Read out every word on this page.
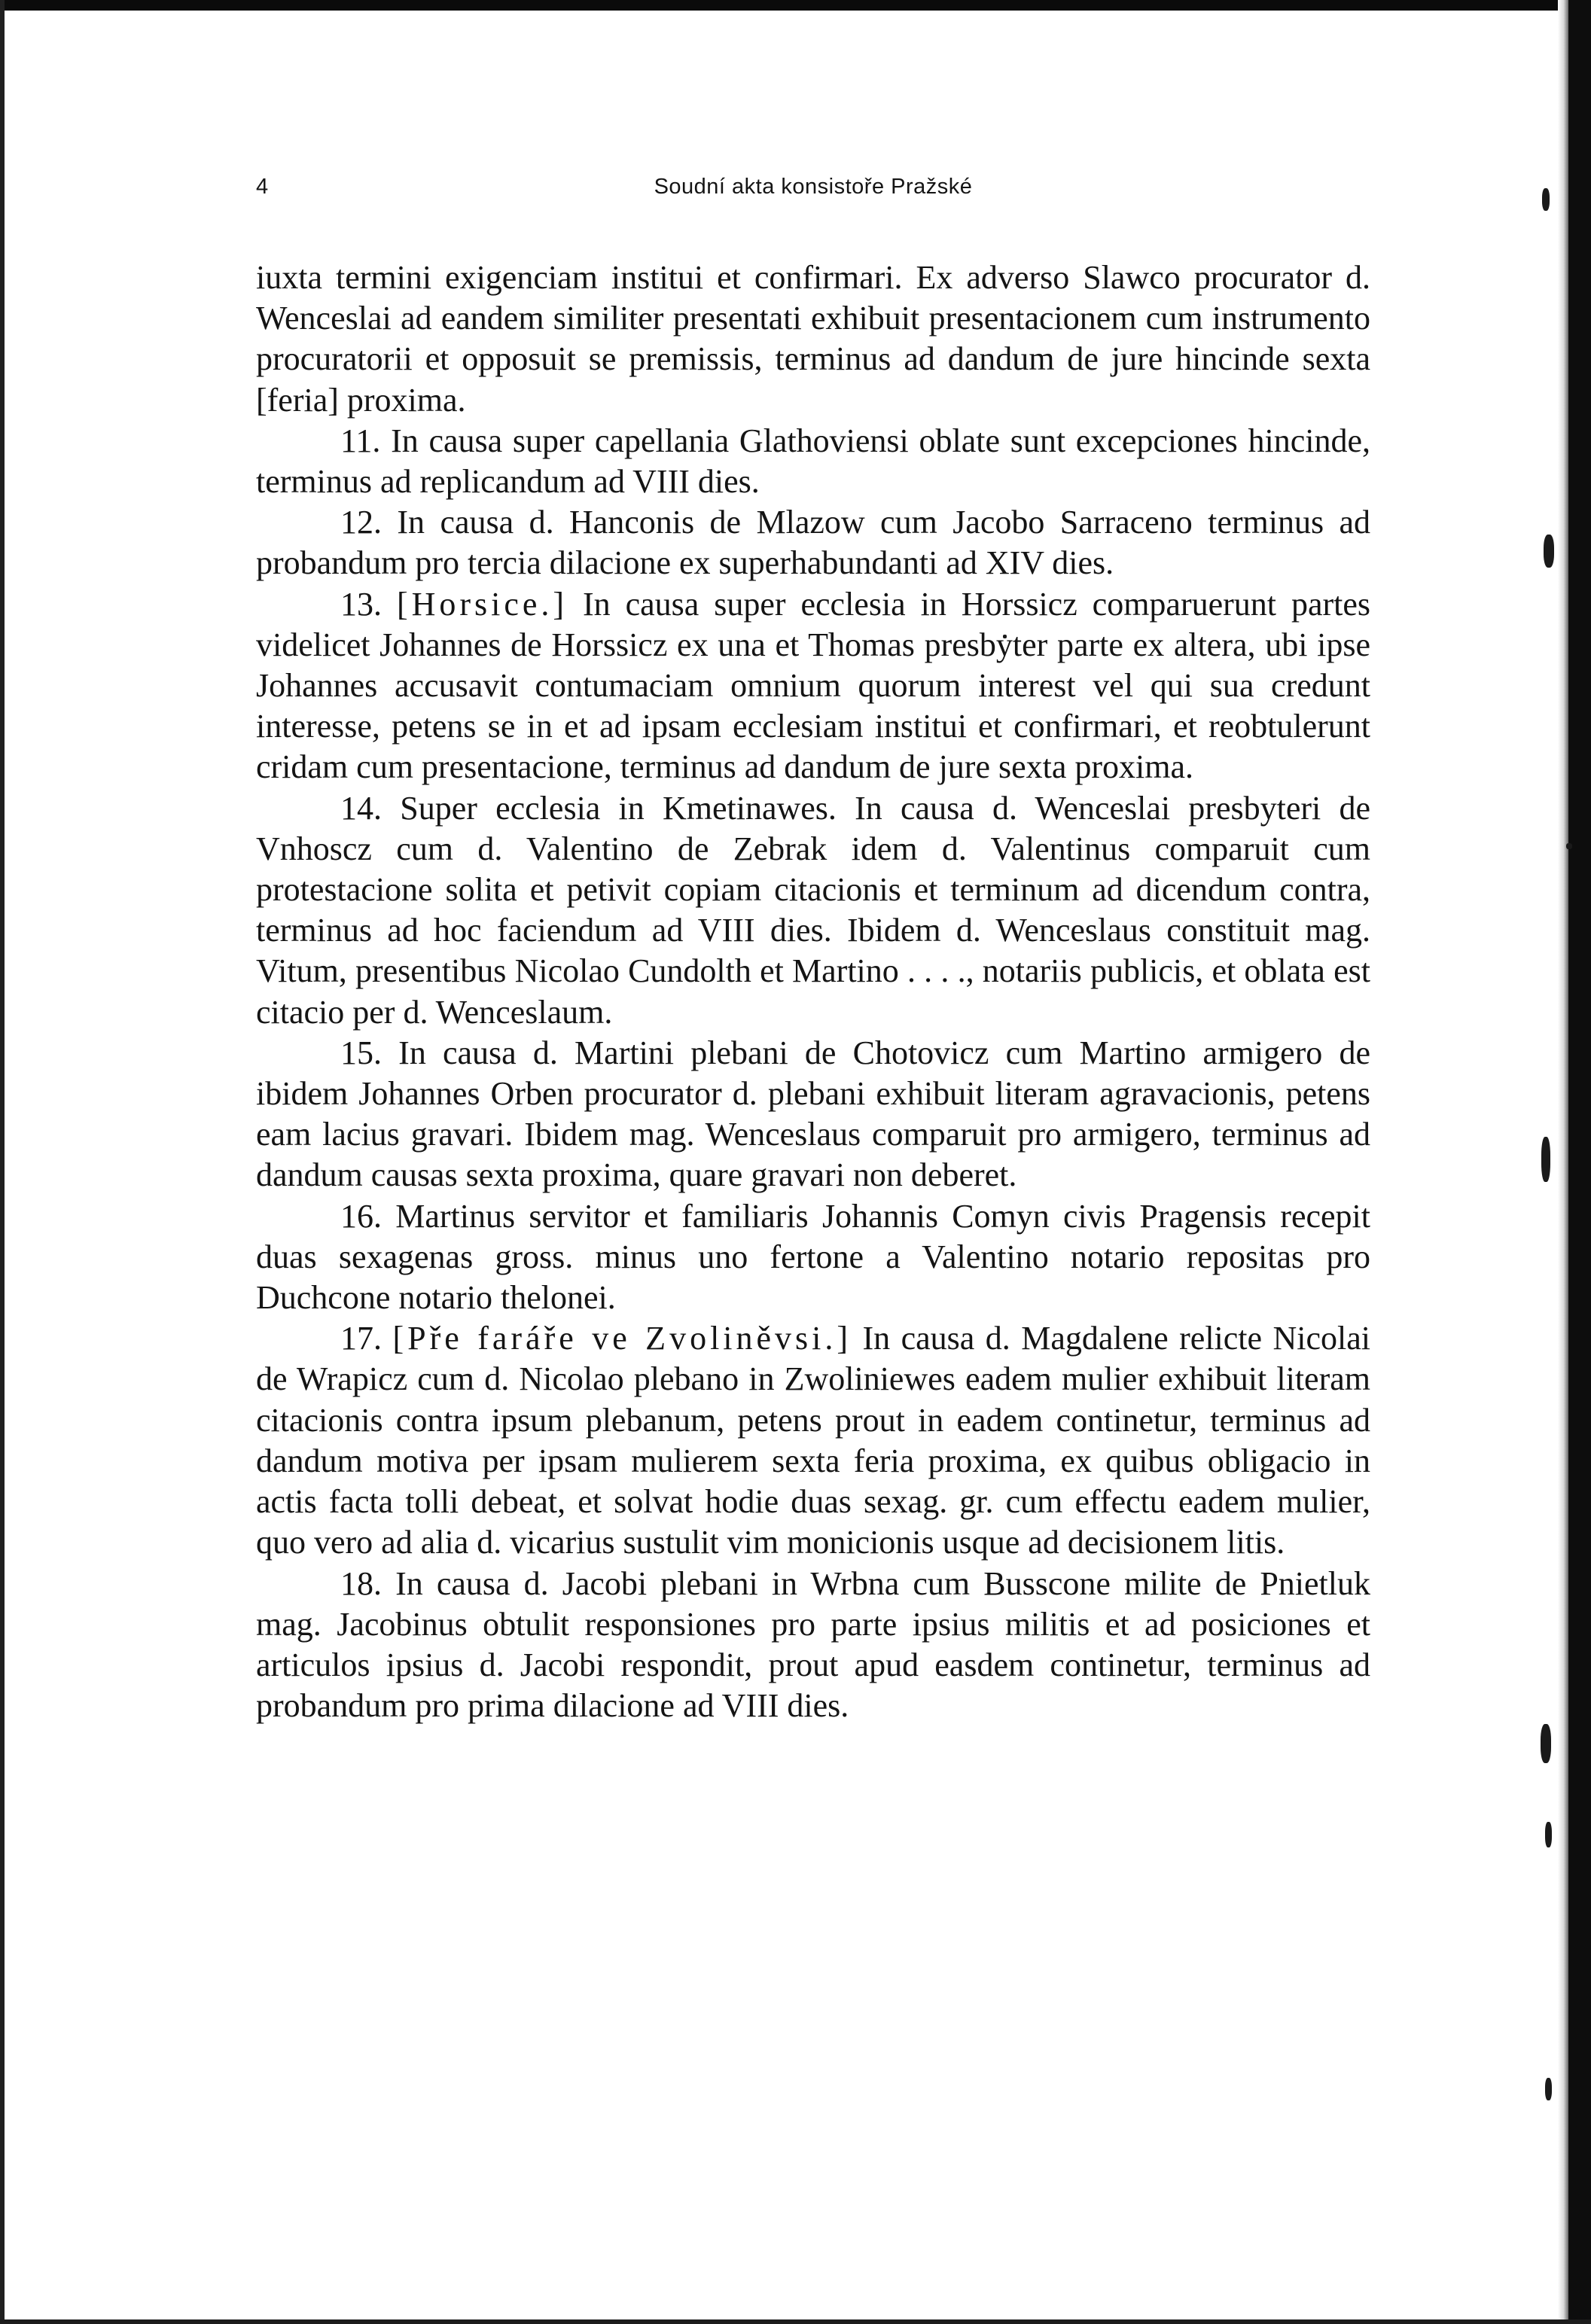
4	Soudní akta konsistoře Pražské

iuxta termini exigenciam institui et confirmari. Ex adverso Slawco procurator d. Wenceslai ad eandem similiter presentati exhibuit presentacionem cum instrumento procuratorii et opposuit se premissis, terminus ad dandum de jure hincinde sexta [feria] proxima.

11. In causa super capellania Glathoviensi oblate sunt excepciones hincinde, terminus ad replicandum ad VIII dies.

12. In causa d. Hanconis de Mlazow cum Jacobo Sarraceno terminus ad probandum pro tercia dilacione ex superhabundanti ad XIV dies.

13. [Horsice.] In causa super ecclesia in Horssicz comparuerunt partes videlicet Johannes de Horssicz ex una et Thomas presbyter parte ex altera, ubi ipse Johannes accusavit contumaciam omnium quorum interest vel qui sua credunt interesse, petens se in et ad ipsam ecclesiam institui et confirmari, et reobtulerunt cridam cum presentacione, terminus ad dandum de jure sexta proxima.

14. Super ecclesia in Kmetinawes. In causa d. Wenceslai presbyteri de Vnhoscz cum d. Valentino de Zebrak idem d. Valentinus comparuit cum protestacione solita et petivit copiam citacionis et terminum ad dicendum contra, terminus ad hoc faciendum ad VIII dies. Ibidem d. Wenceslaus constituit mag. Vitum, presentibus Nicolao Cundolth et Martino . . . ., notariis publicis, et oblata est citacio per d. Wenceslaum.

15. In causa d. Martini plebani de Chotovicz cum Martino armigero de ibidem Johannes Orben procurator d. plebani exhibuit literam agravacionis, petens eam lacius gravari. Ibidem mag. Wenceslaus comparuit pro armigero, terminus ad dandum causas sexta proxima, quare gravari non deberet.

16. Martinus servitor et familiaris Johannis Comyn civis Pragensis recepit duas sexagenas gross. minus uno fertone a Valentino notario repositas pro Duchcone notario thelonei.

17. [Pře faráře ve Zvoliněvsi.] In causa d. Magdalene relicte Nicolai de Wrapicz cum d. Nicolao plebano in Zwoliniewes eadem mulier exhibuit literam citacionis contra ipsum plebanum, petens prout in eadem continetur, terminus ad dandum motiva per ipsam mulierem sexta feria proxima, ex quibus obligacio in actis facta tolli debeat, et solvat hodie duas sexag. gr. cum effectu eadem mulier, quo vero ad alia d. vicarius sustulit vim monicionis usque ad decisionem litis.

18. In causa d. Jacobi plebani in Wrbna cum Busscone milite de Pnietluk mag. Jacobinus obtulit responsiones pro parte ipsius militis et ad posiciones et articulos ipsius d. Jacobi respondit, prout apud easdem continetur, terminus ad probandum pro prima dilacione ad VIII dies.
